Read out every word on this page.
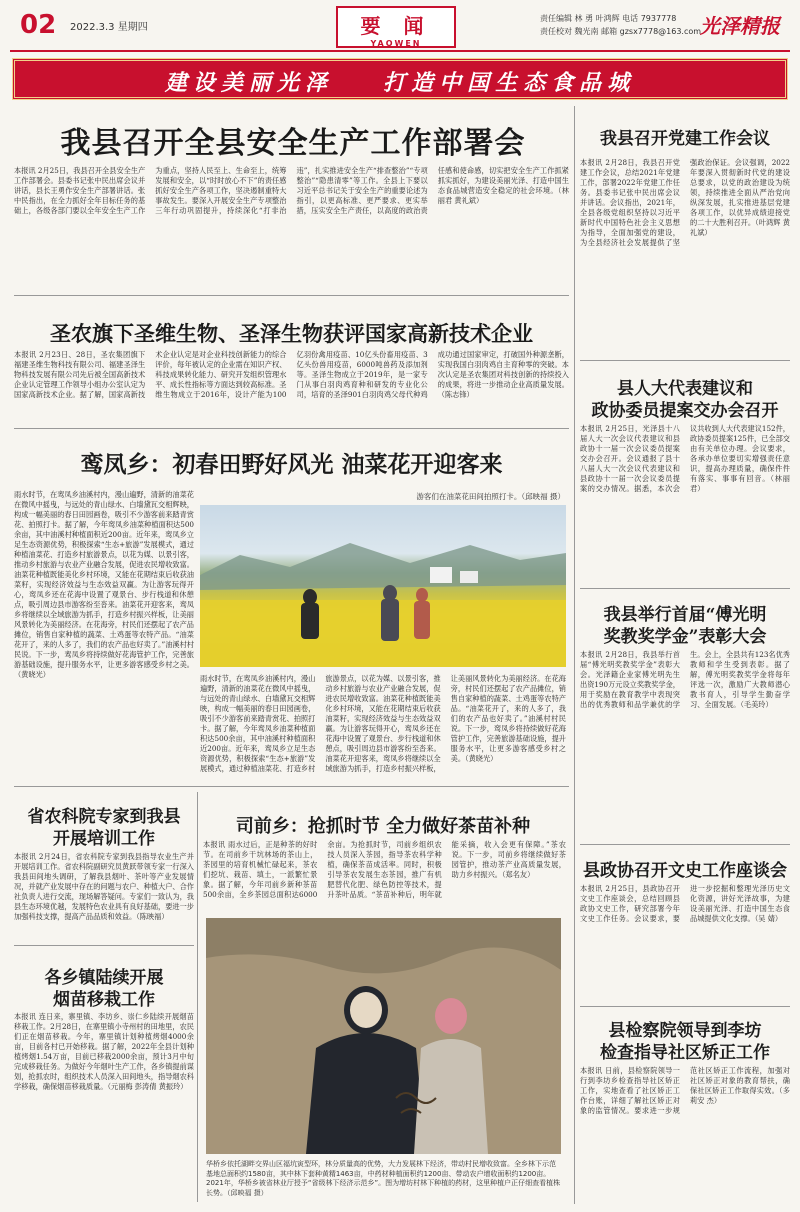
02 2022.3.3 星期四	要 闻
YAOWEN
责任编辑 林 勇 叶鸿辉 电话 7937778
责任校对 魏光南 邮箱 gzsx7778@163.com
光泽精报
建设美丽光泽 打造中国生态食品城
我县召开全县安全生产工作部署会
本报讯 2月25日，我县召开全县安全生产工作部署会。县委书记张中民出席会议并讲话，县长王勇作安全生产部署讲话。张中民指出，在全力抓好全年目标任务的基础上，各级各部门要以全年安全生产工作为重点，坚持人民至上、生命至上，统筹发展和安全，以“时时放心不下”的责任感抓好安全生产各项工作，坚决遏制重特大事故发生。要深入开展安全生产专项整治三年行动巩固提升，持续深化“打非治违”，扎实推进安全生产“排查整治”“专项整治”“隐患清零”等工作。全县上下要以习近平总书记关于安全生产的重要论述为指引，以更高标准、更严要求、更实举措，压实安全生产责任，以高度的政治责任感和使命感，切实把安全生产工作抓紧抓实抓好，为建设美丽光泽、打造中国生态食品城营造安全稳定的社会环境。（林丽君 黄礼斌）
圣农旗下圣维生物、圣泽生物获评国家高新技术企业
本报讯 2月23日、28日，圣农集团旗下福建圣维生物科技有限公司、福建圣泽生物科技发展有限公司先后被全国高新技术企业认定管理工作领导小组办公室认定为国家高新技术企业。据了解，国家高新技术企业认定是对企业科技创新能力的综合评价，每年被认定的企业需在知识产权、科技成果转化能力、研究开发组织管理水平、成长性指标等方面达到较高标准。圣维生物成立于2016年，设计产能为100亿羽份禽用疫苗、10亿头份畜用疫苗、3亿头份兽用疫苗，6000吨兽药及添加剂等。圣泽生物成立于2019年，是一家专门从事白羽肉鸡育种和研发的专业化公司，培育的圣泽901白羽肉鸡父母代种鸡成功通过国家审定，打破国外种源垄断，实现我国白羽肉鸡自主育种零的突破。本次认定是圣农集团对科技创新的持续投入的成果，将进一步推动企业高质量发展。（陈志锋）
鸾凤乡：初春田野好风光 油菜花开迎客来
雨水时节，在鸾凤乡油溪村内，漫山遍野，清新的油菜花在微风中摇曳，与远处的青山绿水、白墙黛瓦交相辉映，构成一幅美丽的春日田园画卷，吸引不少游客前来踏青赏花、拍照打卡。据了解，今年鸾凤乡油菜种植面积达500余亩，其中油溪村种植面积近200亩。近年来，鸾凤乡立足生态资源优势，积极探索“生态+旅游”发展模式，通过种植油菜花、打造乡村旅游景点，以花为媒、以景引客，推动乡村旅游与农业产业融合发展，促进农民增收致富。油菜花种植既能美化乡村环境，又能在花期结束后收获油菜籽，实现经济效益与生态效益双赢。为让游客玩得开心，鸾凤乡还在花海中设置了观景台、步行栈道和休憩点，吸引周边县市游客纷至沓来。油菜花开迎客来，鸾凤乡将继续以全域旅游为抓手，打造乡村振兴样板，让美丽风景转化为美丽经济。在花海旁，村民们还摆起了农产品摊位，销售自家种植的蔬菜、土鸡蛋等农特产品。“油菜花开了，来的人多了，我们的农产品也好卖了。”油溪村村民说。下一步，鸾凤乡将持续做好花海管护工作，完善旅游基础设施，提升服务水平，让更多游客感受乡村之美。（黄晓光）
游客们在油菜花田间拍照打卡。（邱映福 摄）
雨水时节，在鸾凤乡油溪村内，漫山遍野，清新的油菜花在微风中摇曳，与远处的青山绿水、白墙黛瓦交相辉映，构成一幅美丽的春日田园画卷，吸引不少游客前来踏青赏花、拍照打卡。据了解，今年鸾凤乡油菜种植面积达500余亩，其中油溪村种植面积近200亩。近年来，鸾凤乡立足生态资源优势，积极探索“生态+旅游”发展模式，通过种植油菜花、打造乡村旅游景点，以花为媒、以景引客，推动乡村旅游与农业产业融合发展，促进农民增收致富。油菜花种植既能美化乡村环境，又能在花期结束后收获油菜籽，实现经济效益与生态效益双赢。为让游客玩得开心，鸾凤乡还在花海中设置了观景台、步行栈道和休憩点，吸引周边县市游客纷至沓来。油菜花开迎客来，鸾凤乡将继续以全域旅游为抓手，打造乡村振兴样板，让美丽风景转化为美丽经济。在花海旁，村民们还摆起了农产品摊位，销售自家种植的蔬菜、土鸡蛋等农特产品。“油菜花开了，来的人多了，我们的农产品也好卖了。”油溪村村民说。下一步，鸾凤乡将持续做好花海管护工作，完善旅游基础设施，提升服务水平，让更多游客感受乡村之美。（黄晓光）
省农科院专家到我县
开展培训工作
本报讯 2月24日，省农科院专家到我县指导农业生产并开展培训工作。省农科院副研究员黄跃带领专家一行深入我县田间地头调研，了解我县烟叶、茶叶等产业发展情况，并就产业发展中存在的问题与农户、种植大户、合作社负责人进行交流，现场解答疑问。专家们一致认为，我县生态环境优越，发展特色农业具有良好基础，要进一步加强科技支撑，提高产品品质和效益。（陈映福）
各乡镇陆续开展
烟苗移栽工作
本报讯 连日来，寨里镇、李坊乡、崇仁乡陆续开展烟苗移栽工作。2月28日，在寨里镇小寺州村的田地里，农民们正在烟苗移栽。今年，寨里镇计划种植烤烟4000余亩，目前各村已开始移栽。据了解，2022年全县计划种植烤烟1.54万亩，目前已移栽2000余亩，预计3月中旬完成移栽任务。为做好今年烟叶生产工作，各乡镇提前谋划，抢抓农时，组织技术人员深入田间地头，指导烟农科学移栽，确保烟苗移栽质量。（元丽梅 彭涛倩 黄振玲）
司前乡：抢抓时节 全力做好茶苗补种
本报讯 雨水过后，正是种茶的好时节。在司前乡干坑林场的茶山上，茶园里的培育机械忙碌起来，茶农们挖坑、栽苗、填土，一派繁忙景象。据了解，今年司前乡新种茶苗500余亩，全乡茶园总面积达6000余亩。为抢抓时节，司前乡组织农技人员深入茶园，指导茶农科学种植，确保茶苗成活率。同时，积极引导茶农发展生态茶园，推广有机肥替代化肥、绿色防控等技术，提升茶叶品质。“茶苗补种后，明年就能采摘，收入会更有保障。”茶农说。下一步，司前乡将继续做好茶园管护，推动茶产业高质量发展，助力乡村振兴。（郑名友）
华桥乡依托湖畔交界山区福坑寅型环，林分质量高的优势，大力发展林下经济，带动村民增收致富。全乡林下示范基地总面积约1580亩，其中林下套种黄精1463亩，中药材种植面积约1200亩、带动农户增收面积约1200亩。2021年，华桥乡被省林业厅授予“省级林下经济示范乡”。图为增坊村林下种植的药材，这里种植户正仔细查看植株长势。（邱映福 摄）
我县召开党建工作会议
本报讯 2月28日，我县召开党建工作会议，总结2021年党建工作，部署2022年党建工作任务。县委书记张中民出席会议并讲话。会议指出，2021年，全县各级党组织坚持以习近平新时代中国特色社会主义思想为指导，全面加强党的建设，为全县经济社会发展提供了坚强政治保证。会议强调，2022年要深入贯彻新时代党的建设总要求，以党的政治建设为统领，持续推进全面从严治党向纵深发展，扎实推进基层党建各项工作，以优异成绩迎接党的二十大胜利召开。（叶鸿辉 黄礼斌）
县人大代表建议和
政协委员提案交办会召开
本报讯 2月25日，光泽县十八届人大一次会议代表建议和县政协十一届一次会议委员提案交办会召开。会议通报了县十八届人大一次会议代表建议和县政协十一届一次会议委员提案的交办情况。据悉，本次会议共收到人大代表建议152件，政协委员提案125件，已全部交由有关单位办理。会议要求，各承办单位要切实增强责任意识，提高办理质量，确保件件有落实、事事有回音。（林丽君）
我县举行首届“傅光明
奖教奖学金”表彰大会
本报讯 2月28日，我县举行首届“傅光明奖教奖学金”表彰大会。光泽籍企业家傅光明先生出资190万元设立奖教奖学金，用于奖励在教育教学中表现突出的优秀教师和品学兼优的学生。会上，全县共有123名优秀教师和学生受到表彰。据了解，傅光明奖教奖学金将每年评选一次，激励广大教师潜心教书育人，引导学生勤奋学习、全面发展。（毛美玲）
县政协召开文史工作座谈会
本报讯 2月25日，县政协召开文史工作座谈会，总结回顾县政协文史工作，研究部署今年文史工作任务。会议要求，要进一步挖掘和整理光泽历史文化资源，讲好光泽故事，为建设美丽光泽、打造中国生态食品城提供文化支撑。（吴 婧）
县检察院领导到李坊
检查指导社区矫正工作
本报讯 日前，县检察院领导一行到李坊乡检查指导社区矫正工作，实地查看了社区矫正工作台账，详细了解社区矫正对象的监管情况。要求进一步规范社区矫正工作流程，加强对社区矫正对象的教育帮扶，确保社区矫正工作取得实效。（多莉安 杰）
